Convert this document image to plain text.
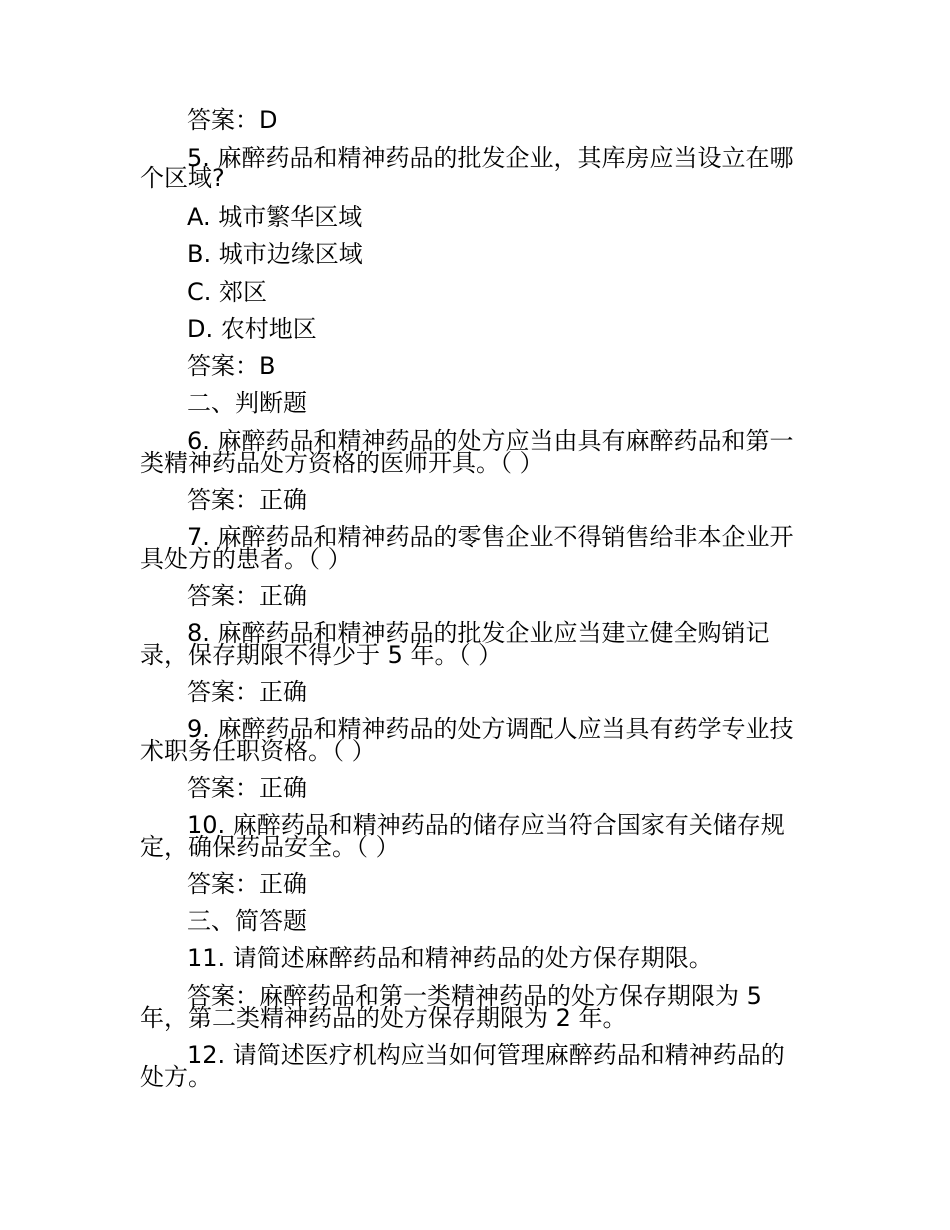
答案：D
5. 麻醉药品和精神药品的批发企业，其库房应当设立在哪
个区域?
A. 城市繁华区域
B. 城市边缘区域
C. 郊区
D. 农村地区
答案：B
二、判断题
6. 麻醉药品和精神药品的处方应当由具有麻醉药品和第一
类精神药品处方资格的医师开具。（ ）
答案：正确
7. 麻醉药品和精神药品的零售企业不得销售给非本企业开
具处方的患者。（ ）
答案：正确
8. 麻醉药品和精神药品的批发企业应当建立健全购销记
录，保存期限不得少于 5 年。（ ）
答案：正确
9. 麻醉药品和精神药品的处方调配人应当具有药学专业技
术职务任职资格。（ ）
答案：正确
10. 麻醉药品和精神药品的储存应当符合国家有关储存规
定，确保药品安全。（ ）
答案：正确
三、简答题
11. 请简述麻醉药品和精神药品的处方保存期限。
答案：麻醉药品和第一类精神药品的处方保存期限为 5
年，第二类精神药品的处方保存期限为 2 年。
12. 请简述医疗机构应当如何管理麻醉药品和精神药品的
处方。
